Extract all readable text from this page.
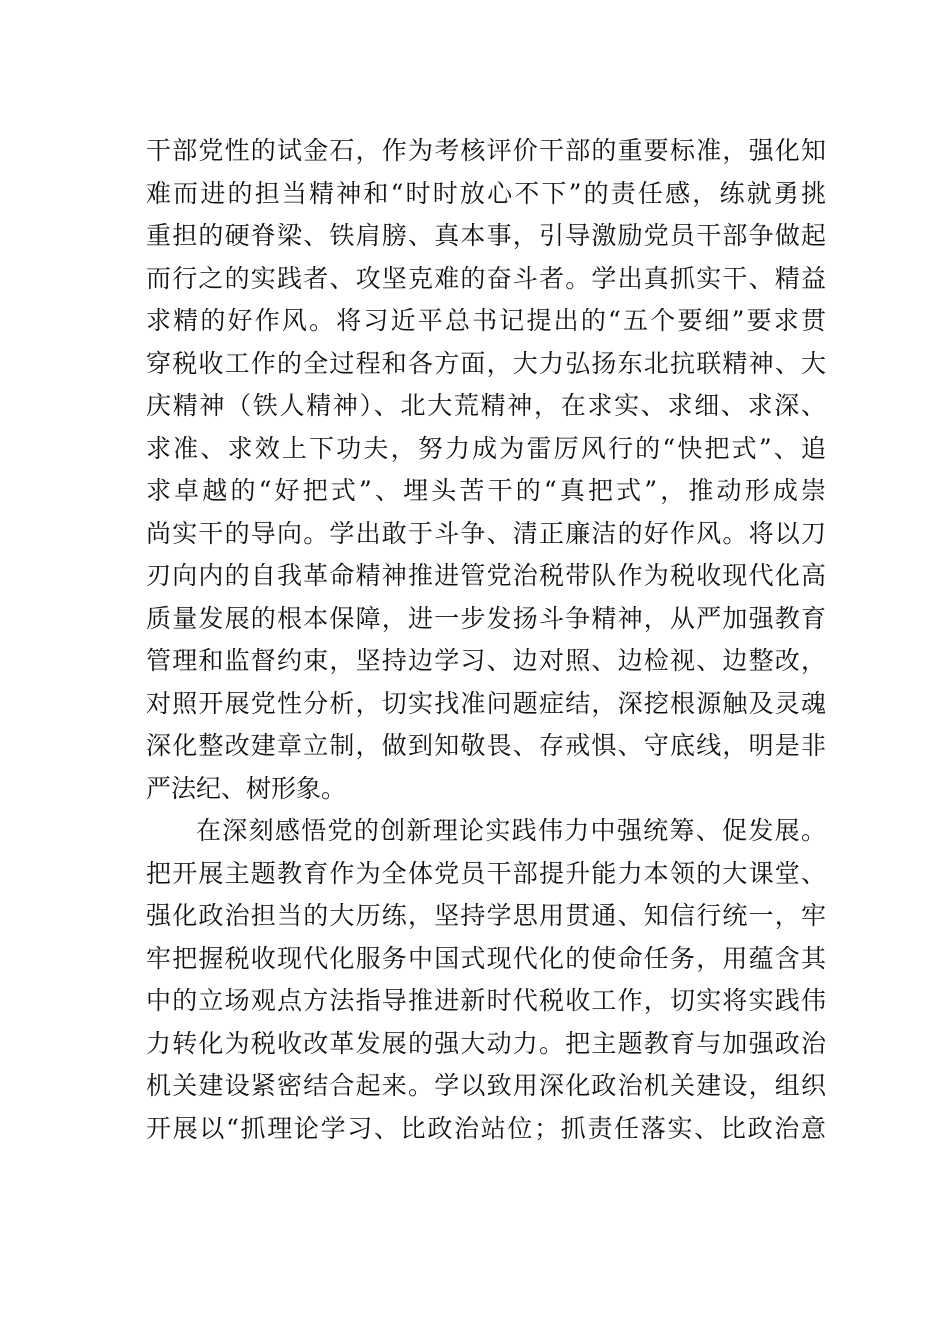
干部党性的试金石，作为考核评价干部的重要标准，强化知
难而进的担当精神和“时时放心不下”的责任感，练就勇挑
重担的硬脊梁、铁肩膀、真本事，引导激励党员干部争做起
而行之的实践者、攻坚克难的奋斗者。学出真抓实干、精益
求精的好作风。将习近平总书记提出的“五个要细”要求贯
穿税收工作的全过程和各方面，大力弘扬东北抗联精神、大
庆精神（铁人精神）、北大荒精神，在求实、求细、求深、
求准、求效上下功夫，努力成为雷厉风行的“快把式”、追
求卓越的“好把式”、埋头苦干的“真把式”，推动形成崇
尚实干的导向。学出敢于斗争、清正廉洁的好作风。将以刀
刃向内的自我革命精神推进管党治税带队作为税收现代化高
质量发展的根本保障，进一步发扬斗争精神，从严加强教育
管理和监督约束，坚持边学习、边对照、边检视、边整改，
对照开展党性分析，切实找准问题症结，深挖根源触及灵魂
深化整改建章立制，做到知敬畏、存戒惧、守底线，明是非
严法纪、树形象。
在深刻感悟党的创新理论实践伟力中强统筹、促发展。
把开展主题教育作为全体党员干部提升能力本领的大课堂、
强化政治担当的大历练，坚持学思用贯通、知信行统一，牢
牢把握税收现代化服务中国式现代化的使命任务，用蕴含其
中的立场观点方法指导推进新时代税收工作，切实将实践伟
力转化为税收改革发展的强大动力。把主题教育与加强政治
机关建设紧密结合起来。学以致用深化政治机关建设，组织
开展以“抓理论学习、比政治站位；抓责任落实、比政治意
